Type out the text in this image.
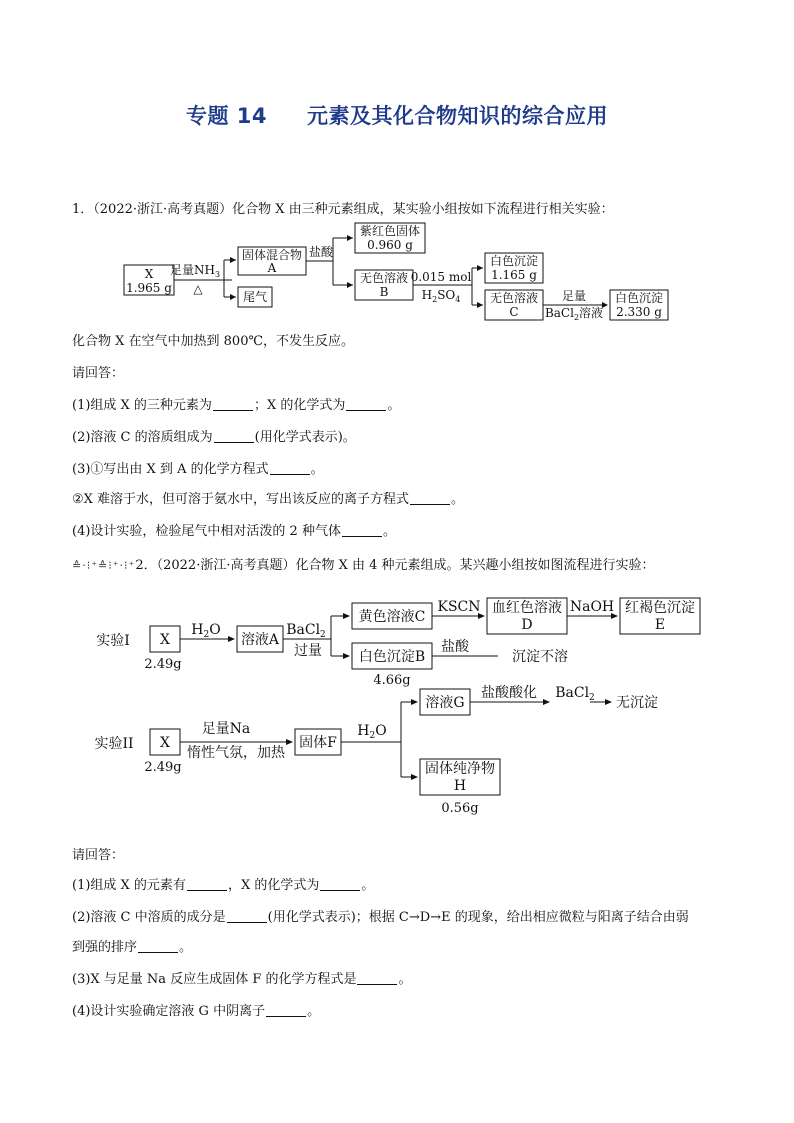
专题 14 元素及其化合物知识的综合应用
1．（2022·浙江·高考真题）化合物 X 由三种元素组成，某实验小组按如下流程进行相关实验：
X
1.965 g
足量$NH_3$
△
固体混合物
A
尾气
盐酸
紫红色固体
0.960 g
无色溶液
B
0.015 mol
$H_2SO_4$
白色沉淀
1.165 g
无色溶液
C
足量
BaCl$_2$溶液
白色沉淀
2.330 g
化合物 X 在空气中加热到 800℃，不发生反应。
请回答：
(1)组成 X 的三种元素为	；X 的化学式为	。
(2)溶液 C 的溶质组成为	(用化学式表示)。
(3)①写出由 X 到 A 的化学方程式	。
②X 难溶于水，但可溶于氨水中，写出该反应的离子方程式	。
(4)设计实验，检验尾气中相对活泼的 2 种气体	。
≙·⁝⁺≙⁝⁺·⁝⁺2．（2022·浙江·高考真题）化合物 X 由 4 种元素组成。某兴趣小组按如图流程进行实验：
实验I X
2.49g
$H_2O$
溶液A
BaCl$_2$
过量
黄色溶液C
KSCN 血红色溶液
D
NaOH 红褐色沉淀
E
白色沉淀B
4.66g
盐酸
沉淀不溶
实验II X
2.49g
足量Na
惰性气氛，加热
固体F
$H_2O$
溶液G
盐酸酸化 BaCl$_2$ 无沉淀
固体纯净物
H
0.56g
请回答：
(1)组成 X 的元素有	，X 的化学式为	。
(2)溶液 C 中溶质的成分是	(用化学式表示)；根据 C→D→E 的现象，给出相应微粒与阳离子结合由弱
到强的排序	。
(3)X 与足量 Na 反应生成固体 F 的化学方程式是	。
(4)设计实验确定溶液 G 中阴离子	。
